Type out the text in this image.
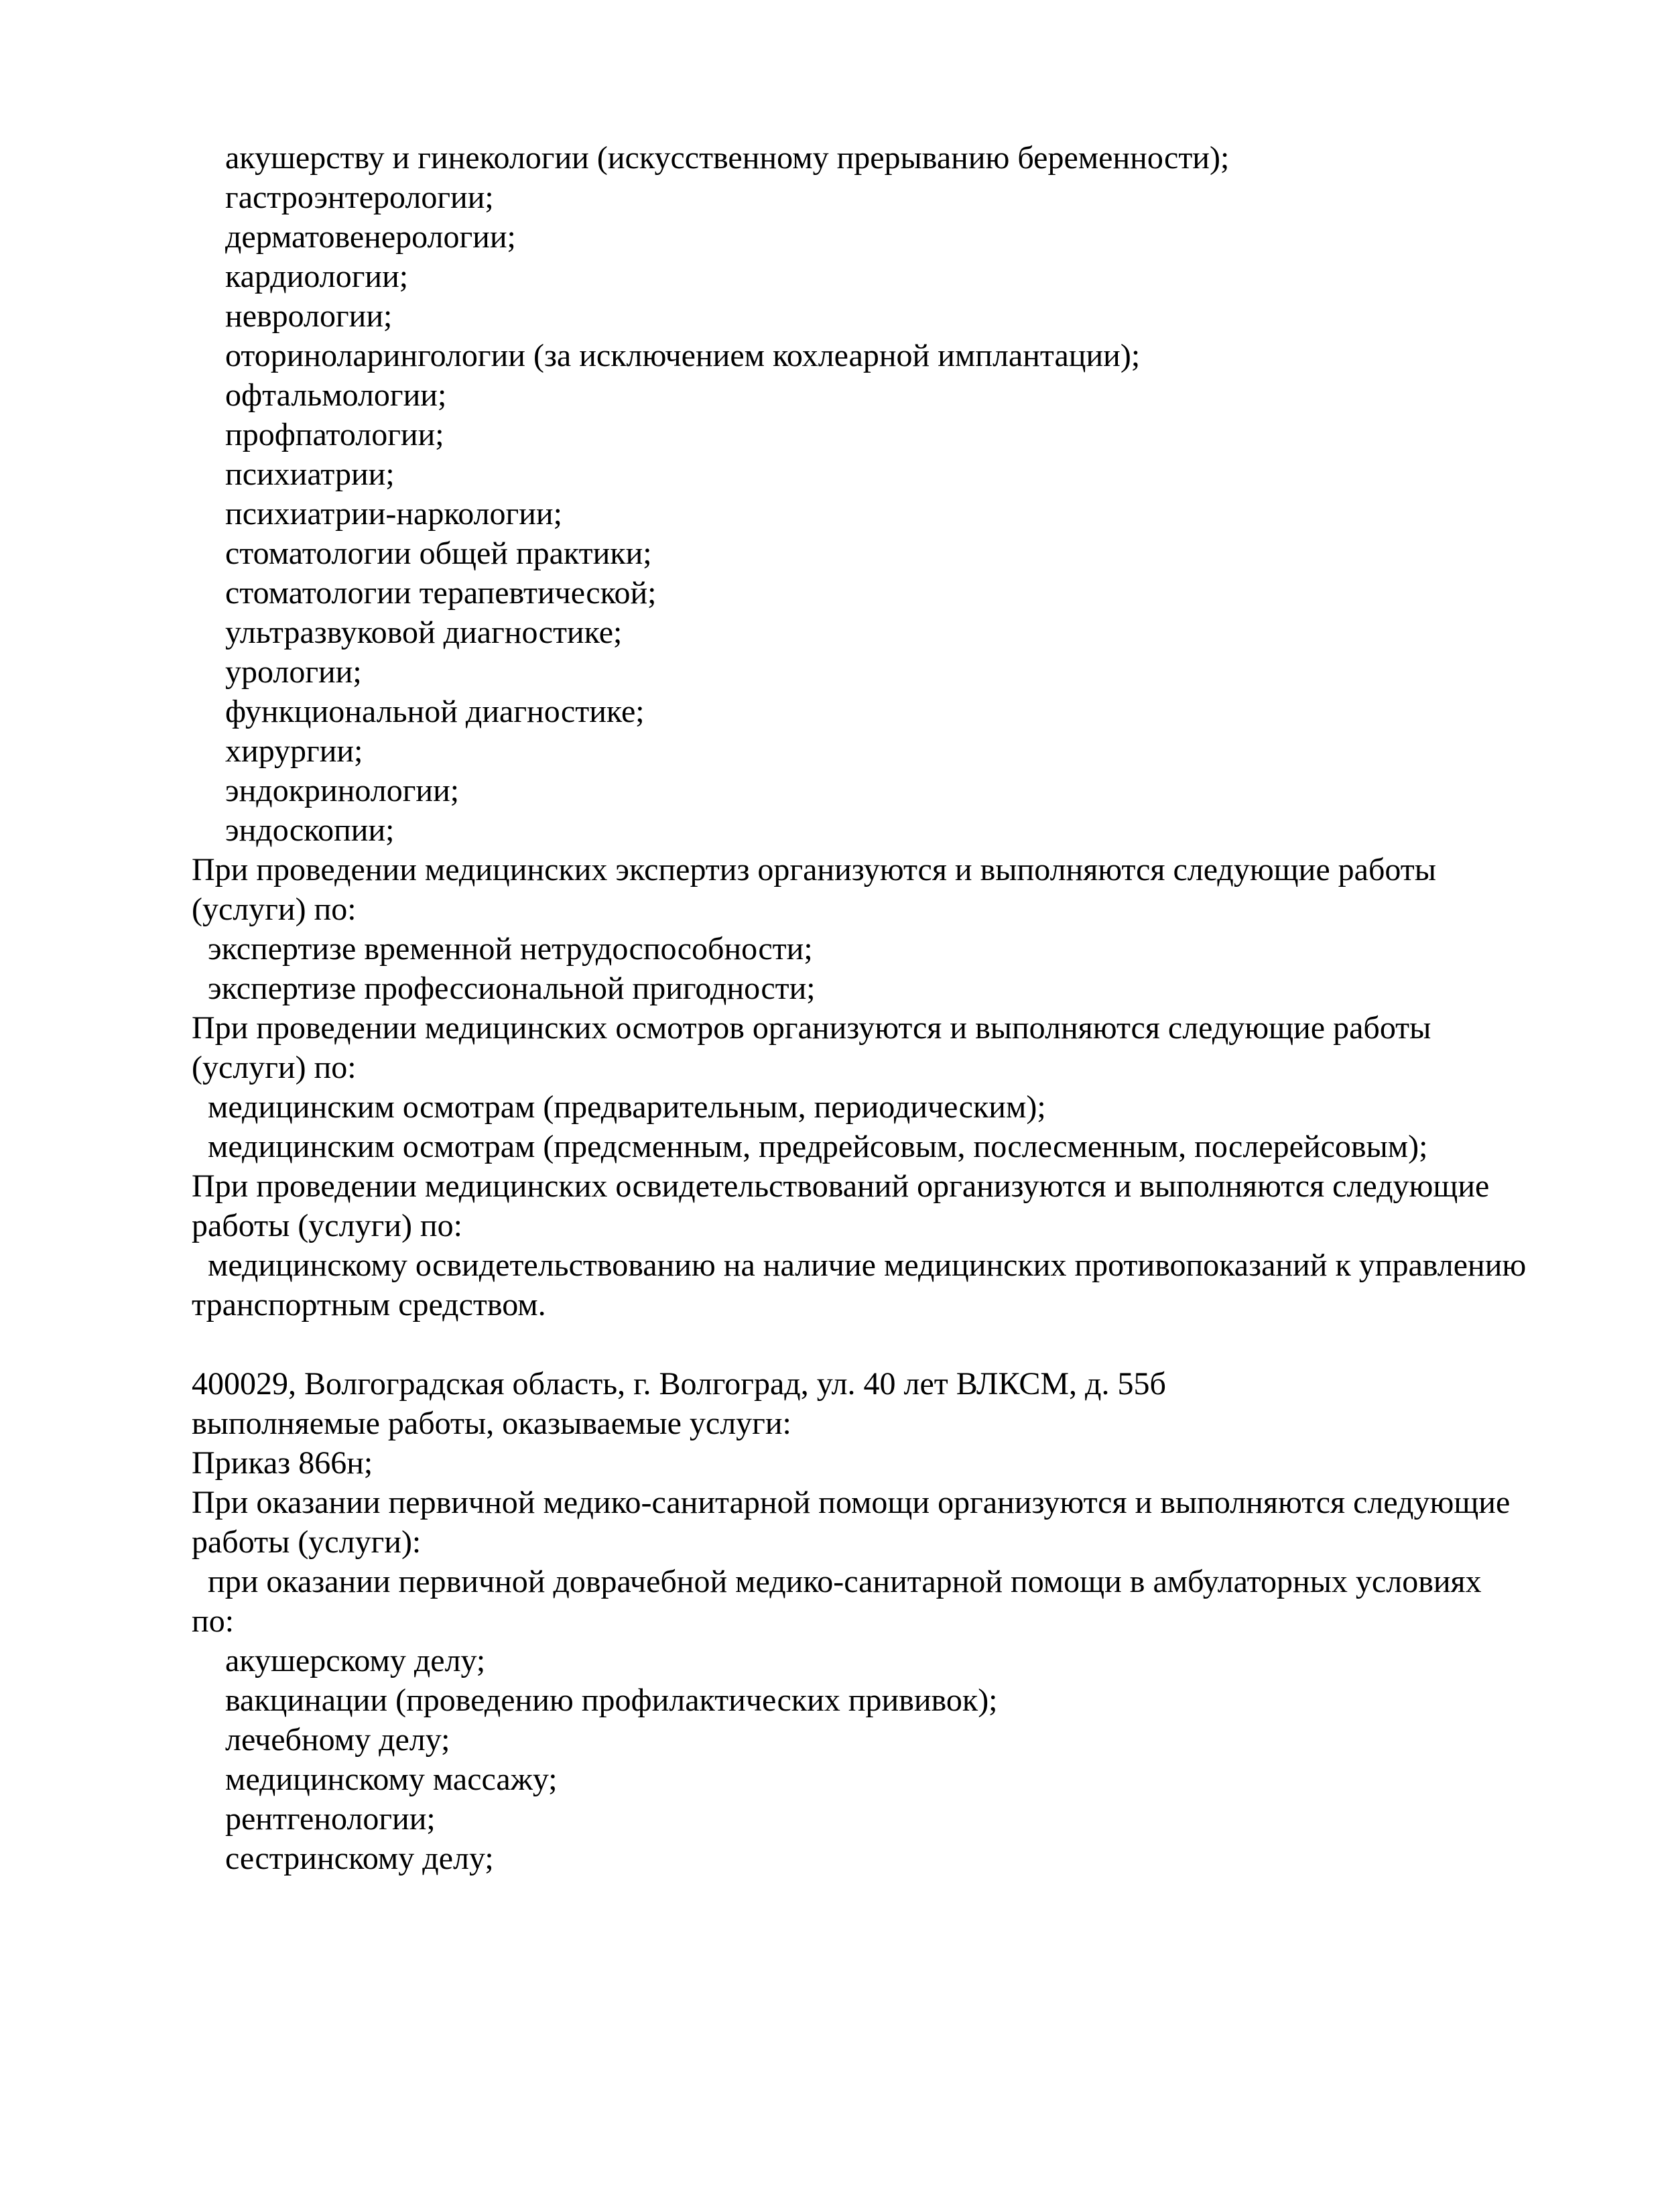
акушерству и гинекологии (искусственному прерыванию беременности);
гастроэнтерологии;
дерматовенерологии;
кардиологии;
неврологии;
оториноларингологии (за исключением кохлеарной имплантации);
офтальмологии;
профпатологии;
психиатрии;
психиатрии-наркологии;
стоматологии общей практики;
стоматологии терапевтической;
ультразвуковой диагностике;
урологии;
функциональной диагностике;
хирургии;
эндокринологии;
эндоскопии;
При проведении медицинских экспертиз организуются и выполняются следующие работы
(услуги) по:
экспертизе временной нетрудоспособности;
экспертизе профессиональной пригодности;
При проведении медицинских осмотров организуются и выполняются следующие работы
(услуги) по:
медицинским осмотрам (предварительным, периодическим);
медицинским осмотрам (предсменным, предрейсовым, послесменным, послерейсовым);
При проведении медицинских освидетельствований организуются и выполняются следующие
работы (услуги) по:
медицинскому освидетельствованию на наличие медицинских противопоказаний к управлению
транспортным средством.
400029, Волгоградская область, г. Волгоград, ул. 40 лет ВЛКСМ, д. 55б
выполняемые работы, оказываемые услуги:
Приказ 866н;
При оказании первичной медико-санитарной помощи организуются и выполняются следующие
работы (услуги):
при оказании первичной доврачебной медико-санитарной помощи в амбулаторных условиях
по:
акушерскому делу;
вакцинации (проведению профилактических прививок);
лечебному делу;
медицинскому массажу;
рентгенологии;
сестринскому делу;
